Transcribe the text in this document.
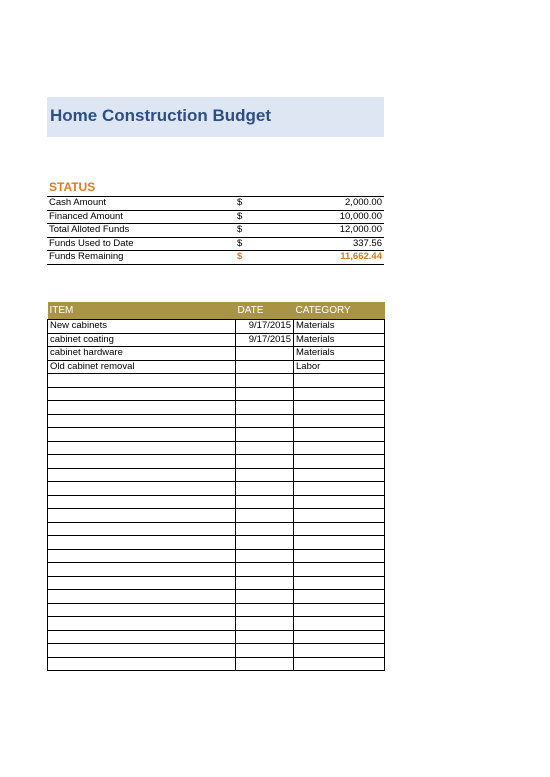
Home Construction Budget
STATUS
Cash Amount	$	2,000.00
Financed Amount	$	10,000.00
Total Alloted Funds	$	12,000.00
Funds Used to Date	$	337.56
Funds Remaining	$	11,662.44
ITEM	DATE	CATEGORY
New cabinets	9/17/2015	Materials
cabinet coating	9/17/2015	Materials
cabinet hardware		Materials
Old cabinet removal		Labor
